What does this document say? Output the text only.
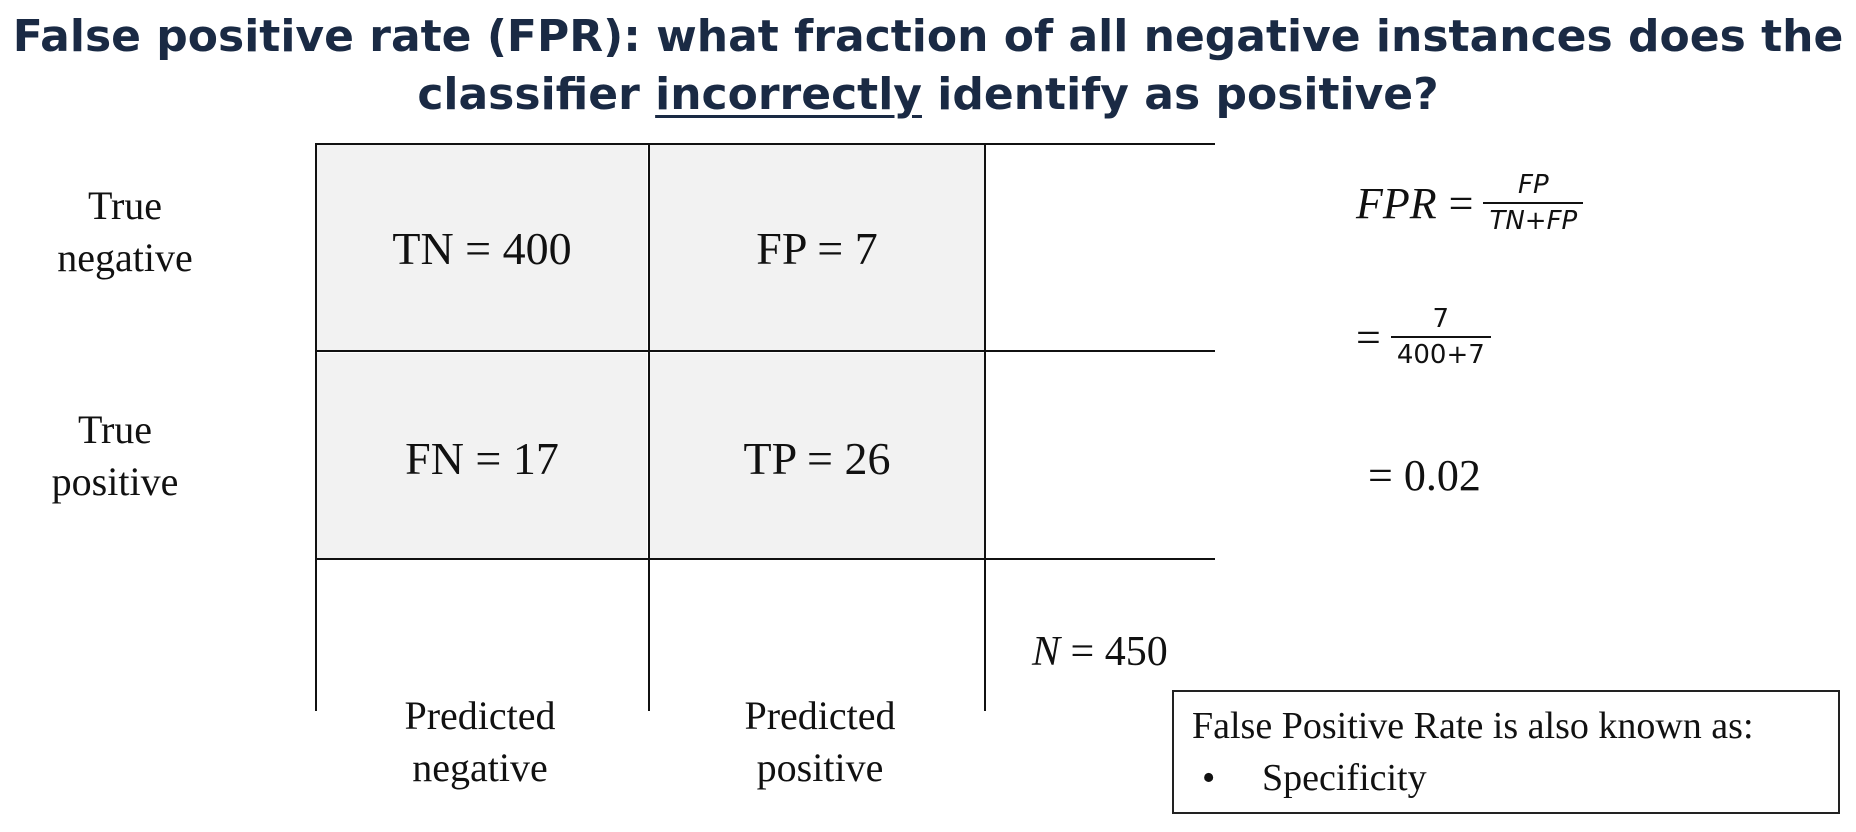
False positive rate (FPR): what fraction of all negative instances does the
classifier incorrectly identify as positive?
TN = 400	FP = 7
FN = 17	TP = 26
True
negative
True
positive
Predicted
negative
Predicted
positive
N = 450
FPR = $\frac{FP}{TN+FP}$
= $\frac{7}{400+7}$
= 0.02
False Positive Rate is also known as:
•	Specificity
